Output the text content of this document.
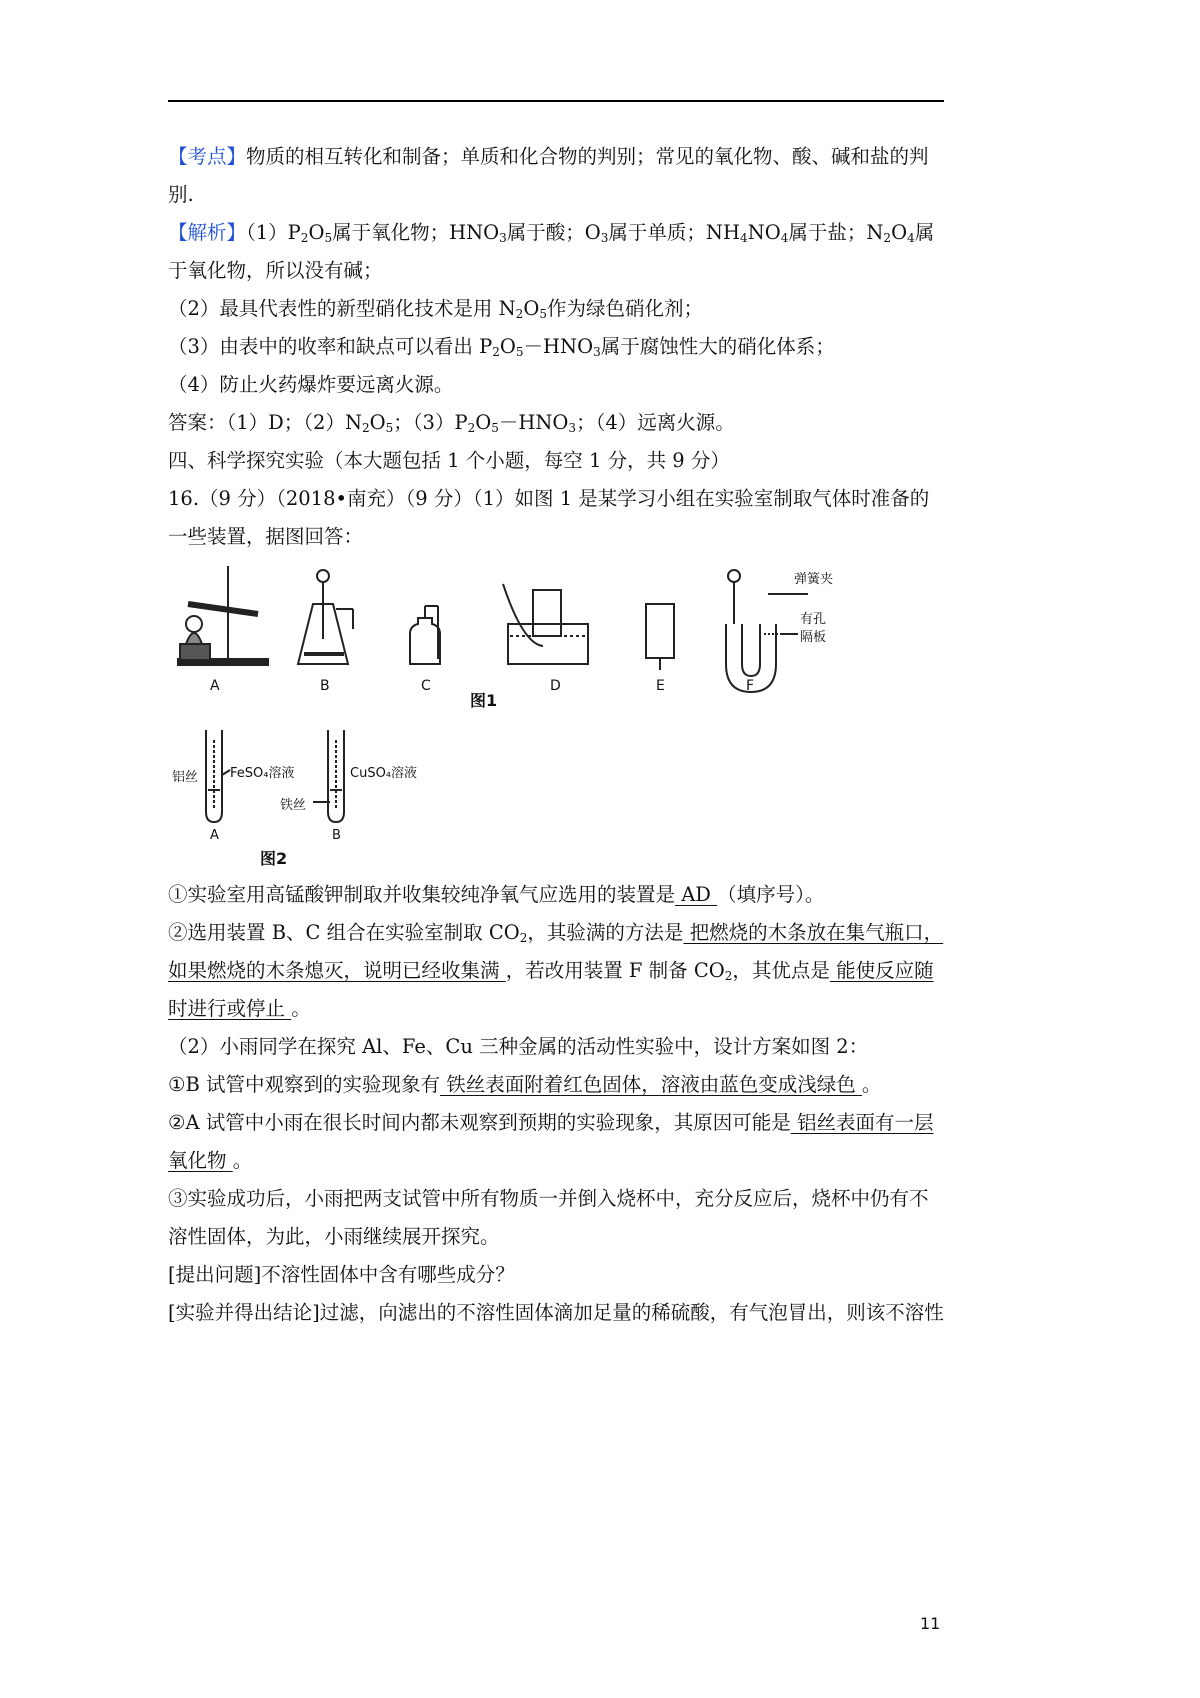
【考点】物质的相互转化和制备；单质和化合物的判别；常见的氧化物、酸、碱和盐的判别.

【解析】$(1)P_2O_5$属于氧化物；$HNO_3$属于酸；$O_3$属于单质；$NH_4NO_4$属于盐；$N_2O_4$属于氧化物，所以没有碱；

（2）最具代表性的新型硝化技术是用 $N_2O_5$作为绿色硝化剂；

（3）由表中的收率和缺点可以看出 $P_2O_5-HNO_3$属于腐蚀性大的硝化体系；

（4）防止火药爆炸要远离火源。

答案：（1）D；$(2)N_2O_5$；$(3)P_2O_5-HNO_3$；（4）远离火源。

四、科学探究实验（本大题包括 1 个小题，每空 1 分，共 9 分）

16.（9 分）（2018•南充）（9 分）（1）如图 1 是某学习小组在实验室制取气体时准备的一些装置，据图回答：

A	B	C	D	E	F
图1
弹簧夹
有孔
隔板
铝丝 FeSO₄溶液	CuSO₄溶液
铁丝
A	B
图2

①实验室用高锰酸钾制取并收集较纯净氧气应选用的装置是 AD （填序号）。

②选用装置 B、C 组合在实验室制取 $CO_2$，其验满的方法是 把燃烧的木条放在集气瓶口，如果燃烧的木条熄灭，说明已经收集满 ，若改用装置 F 制备 $CO_2$，其优点是 能使反应随时进行或停止 。

（2）小雨同学在探究 Al、Fe、Cu 三种金属的活动性实验中，设计方案如图 2：

①B 试管中观察到的实验现象有 铁丝表面附着红色固体，溶液由蓝色变成浅绿色 。

②A 试管中小雨在很长时间内都未观察到预期的实验现象，其原因可能是 铝丝表面有一层氧化物 。

③实验成功后，小雨把两支试管中所有物质一并倒入烧杯中，充分反应后，烧杯中仍有不溶性固体，为此，小雨继续展开探究。

[提出问题]不溶性固体中含有哪些成分？

[实验并得出结论]过滤，向滤出的不溶性固体滴加足量的稀硫酸，有气泡冒出，则该不溶性

11
